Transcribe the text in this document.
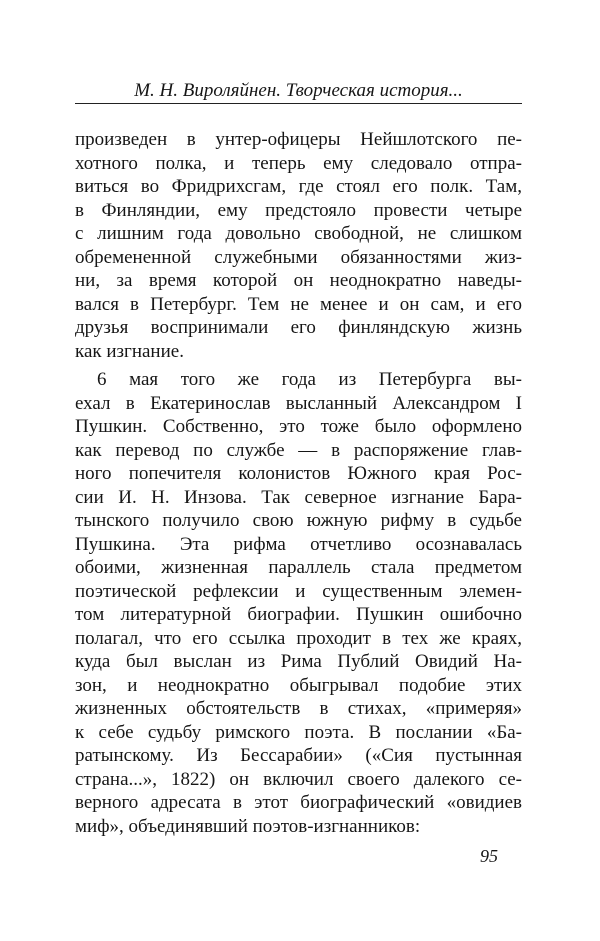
М. Н. Вироляйнен. Творческая история...
произведен в унтер-офицеры Нейшлотского пе-
хотного полка, и теперь ему следовало отпра-
виться во Фридрихсгам, где стоял его полк. Там,
в Финляндии, ему предстояло провести четыре
с лишним года довольно свободной, не слишком
обремененной служебными обязанностями жиз-
ни, за время которой он неоднократно наведы-
вался в Петербург. Тем не менее и он сам, и его
друзья воспринимали его финляндскую жизнь
как изгнание.
6 мая того же года из Петербурга вы-
ехал в Екатеринослав высланный Александром I
Пушкин. Собственно, это тоже было оформлено
как перевод по службе — в распоряжение глав-
ного попечителя колонистов Южного края Рос-
сии И. Н. Инзова. Так северное изгнание Бара-
тынского получило свою южную рифму в судьбе
Пушкина. Эта рифма отчетливо осознавалась
обоими, жизненная параллель стала предметом
поэтической рефлексии и существенным элемен-
том литературной биографии. Пушкин ошибочно
полагал, что его ссылка проходит в тех же краях,
куда был выслан из Рима Публий Овидий На-
зон, и неоднократно обыгрывал подобие этих
жизненных обстоятельств в стихах, «примеряя»
к себе судьбу римского поэта. В послании «Ба-
ратынскому. Из Бессарабии» («Сия пустынная
страна...», 1822) он включил своего далекого се-
верного адресата в этот биографический «овидиев
миф», объединявший поэтов-изгнанников:
95
